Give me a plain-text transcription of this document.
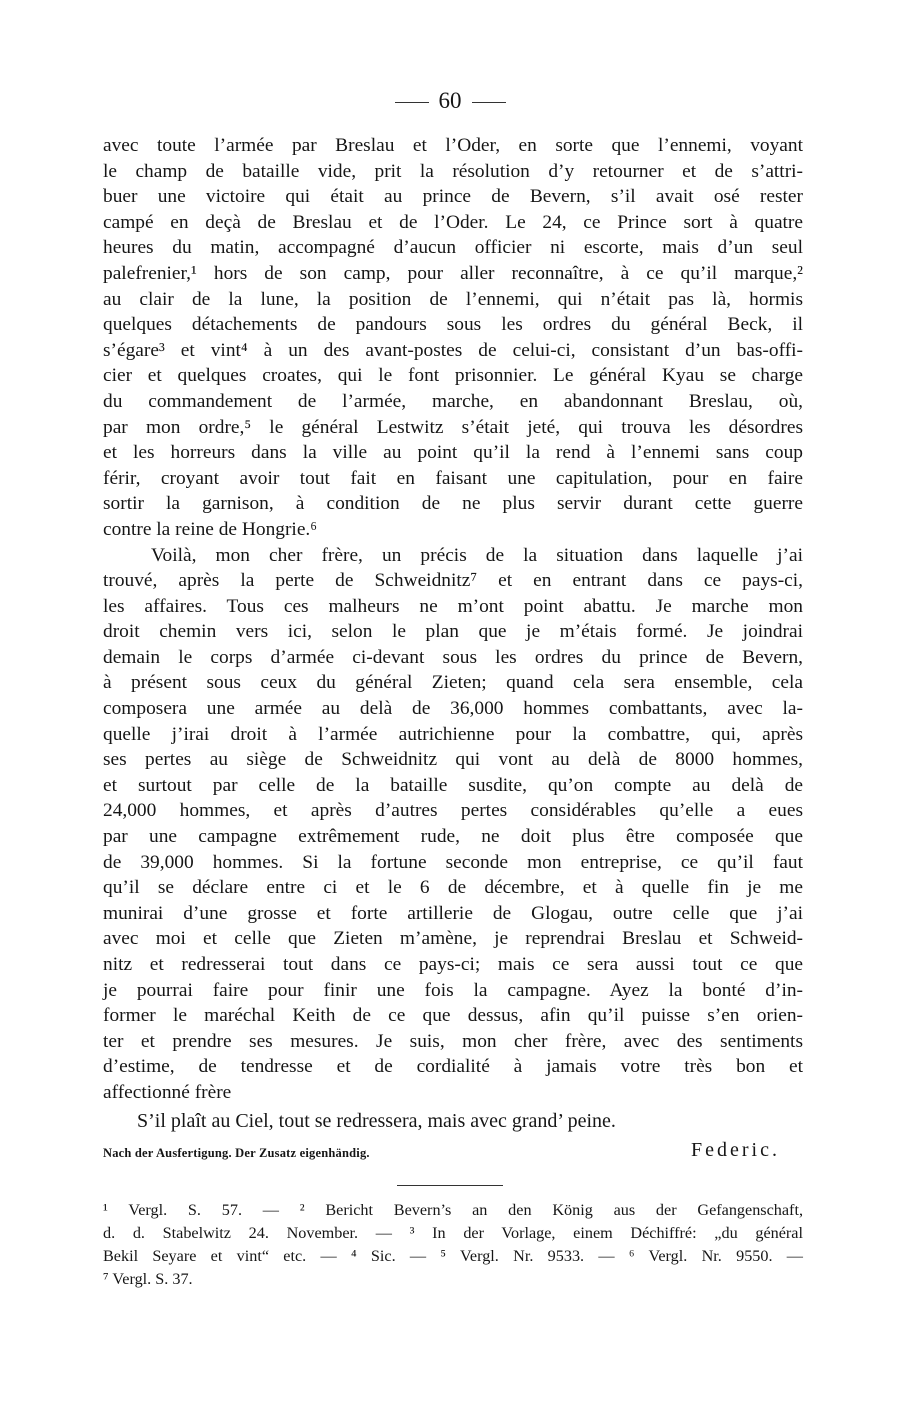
60
avec toute l’armée par Breslau et l’Oder, en sorte que l’ennemi, voyant
le champ de bataille vide, prit la résolution d’y retourner et de s’attri-
buer une victoire qui était au prince de Bevern, s’il avait osé rester
campé en deçà de Breslau et de l’Oder. Le 24, ce Prince sort à quatre
heures du matin, accompagné d’aucun officier ni escorte, mais d’un seul
palefrenier,¹ hors de son camp, pour aller reconnaître, à ce qu’il marque,²
au clair de la lune, la position de l’ennemi, qui n’était pas là, hormis
quelques détachements de pandours sous les ordres du général Beck, il
s’égare³ et vint⁴ à un des avant-postes de celui-ci, consistant d’un bas-offi-
cier et quelques croates, qui le font prisonnier. Le général Kyau se charge
du commandement de l’armée, marche, en abandonnant Breslau, où,
par mon ordre,⁵ le général Lestwitz s’était jeté, qui trouva les désordres
et les horreurs dans la ville au point qu’il la rend à l’ennemi sans coup
férir, croyant avoir tout fait en faisant une capitulation, pour en faire
sortir la garnison, à condition de ne plus servir durant cette guerre
contre la reine de Hongrie.⁶
Voilà, mon cher frère, un précis de la situation dans laquelle j’ai
trouvé, après la perte de Schweidnitz⁷ et en entrant dans ce pays-ci,
les affaires. Tous ces malheurs ne m’ont point abattu. Je marche mon
droit chemin vers ici, selon le plan que je m’étais formé. Je joindrai
demain le corps d’armée ci-devant sous les ordres du prince de Bevern,
à présent sous ceux du général Zieten; quand cela sera ensemble, cela
composera une armée au delà de 36,000 hommes combattants, avec la-
quelle j’irai droit à l’armée autrichienne pour la combattre, qui, après
ses pertes au siège de Schweidnitz qui vont au delà de 8000 hommes,
et surtout par celle de la bataille susdite, qu’on compte au delà de
24,000 hommes, et après d’autres pertes considérables qu’elle a eues
par une campagne extrêmement rude, ne doit plus être composée que
de 39,000 hommes. Si la fortune seconde mon entreprise, ce qu’il faut
qu’il se déclare entre ci et le 6 de décembre, et à quelle fin je me
munirai d’une grosse et forte artillerie de Glogau, outre celle que j’ai
avec moi et celle que Zieten m’amène, je reprendrai Breslau et Schweid-
nitz et redresserai tout dans ce pays-ci; mais ce sera aussi tout ce que
je pourrai faire pour finir une fois la campagne. Ayez la bonté d’in-
former le maréchal Keith de ce que dessus, afin qu’il puisse s’en orien-
ter et prendre ses mesures. Je suis, mon cher frère, avec des sentiments
d’estime, de tendresse et de cordialité à jamais votre très bon et
affectionné frère
S’il plaît au Ciel, tout se redressera, mais avec grand’ peine.
Nach der Ausfertigung. Der Zusatz eigenhändig.	Federic.
¹ Vergl. S. 57. — ² Bericht Bevern’s an den König aus der Gefangenschaft,
d. d. Stabelwitz 24. November. — ³ In der Vorlage, einem Déchiffré: „du général
Bekil Seyare et vint“ etc. — ⁴ Sic. — ⁵ Vergl. Nr. 9533. — ⁶ Vergl. Nr. 9550. —
⁷ Vergl. S. 37.
